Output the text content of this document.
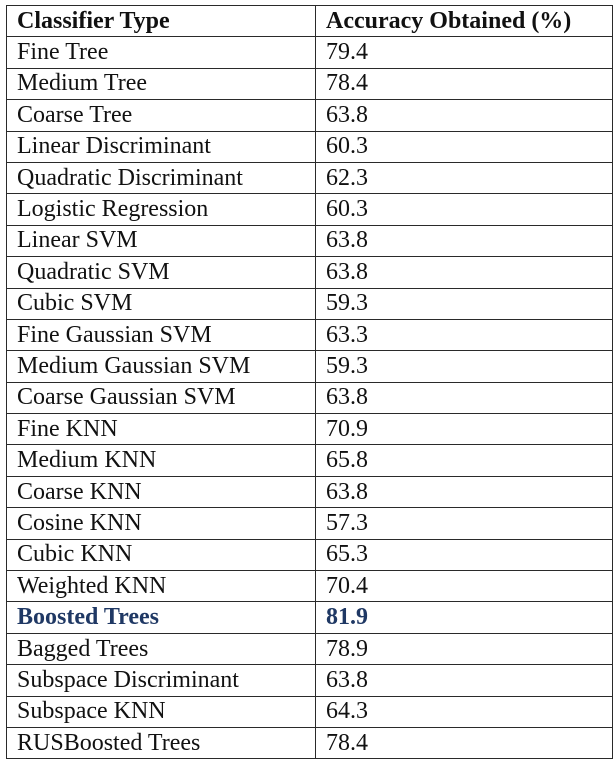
Classifier Type	Accuracy Obtained (%)
Fine Tree	79.4
Medium Tree	78.4
Coarse Tree	63.8
Linear Discriminant	60.3
Quadratic Discriminant	62.3
Logistic Regression	60.3
Linear SVM	63.8
Quadratic SVM	63.8
Cubic SVM	59.3
Fine Gaussian SVM	63.3
Medium Gaussian SVM	59.3
Coarse Gaussian SVM	63.8
Fine KNN	70.9
Medium KNN	65.8
Coarse KNN	63.8
Cosine KNN	57.3
Cubic KNN	65.3
Weighted KNN	70.4
Boosted Trees	81.9
Bagged Trees	78.9
Subspace Discriminant	63.8
Subspace KNN	64.3
RUSBoosted Trees	78.4
